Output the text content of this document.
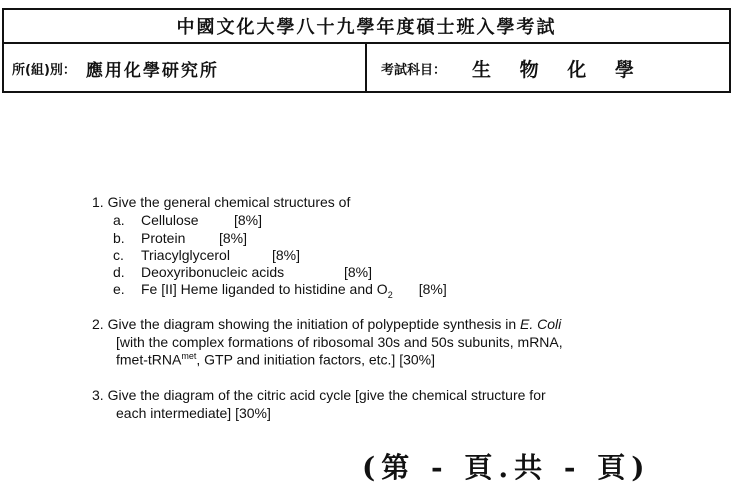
中國文化大學八十九學年度碩士班入學考試
所(組)別： 應用化學研究所	考試科目： 生 物 化 學
1. Give the general chemical structures of
a. Cellulose	[8%]
b. Protein [8%]
c. Triacylglycerol	[8%]
d. Deoxyribonucleic acids	[8%]
e. Fe [II] Heme liganded to histidine and $O_2$ [8%]
2. Give the diagram showing the initiation of polypeptide synthesis in E. Coli
[with the complex formations of ribosomal 30s and 50s subunits, mRNA,
fmet-tRNA$^{met}$, GTP and initiation factors, etc.] [30%]
3. Give the diagram of the citric acid cycle [give the chemical structure for
each intermediate] [30%]
(第 - 頁.共 - 頁)
